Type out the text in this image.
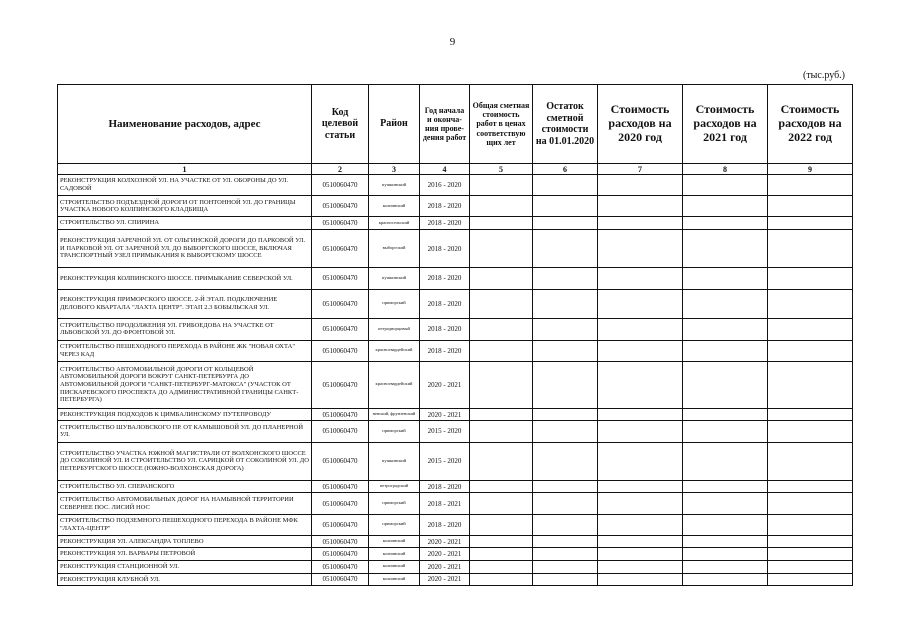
9
(тыс.руб.)
Наименование расходов, адрес	Код целевой статьи	Район	Год начала и оконча-ния прове-дения работ	Общая сметная стоимость работ в ценах соответствую щих лет	Остаток сметной стоимости на 01.01.2020	Стоимость расходов на 2020 год	Стоимость расходов на 2021 год	Стоимость расходов на 2022 год
1	2	3	4	5	6	7	8	9
РЕКОНСТРУКЦИЯ КОЛХОЗНОЙ УЛ. НА УЧАСТКЕ ОТ УЛ. ОБОРОНЫ ДО УЛ. САДОВОЙ	0510060470	пушкинский	2016 - 2020					
СТРОИТЕЛЬСТВО ПОДЪЕЗДНОЙ ДОРОГИ ОТ ПОНТОННОЙ УЛ. ДО ГРАНИЦЫ УЧАСТКА НОВОГО КОЛПИНСКОГО КЛАДБИЩА	0510060470	колпинский	2018 - 2020					
СТРОИТЕЛЬСТВО УЛ. СПИРИНА	0510060470	красносельский	2018 - 2020					
РЕКОНСТРУКЦИЯ ЗАРЕЧНОЙ УЛ. ОТ ОЛЬГИНСКОЙ ДОРОГИ ДО ПАРКОВОЙ УЛ. И ПАРКОВОЙ УЛ. ОТ ЗАРЕЧНОЙ УЛ. ДО ВЫБОРГСКОГО ШОССЕ, ВКЛЮЧАЯ ТРАНСПОРТНЫЙ УЗЕЛ ПРИМЫКАНИЯ К ВЫБОРГСКОМУ ШОССЕ	0510060470	выборгский	2018 - 2020					
РЕКОНСТРУКЦИЯ КОЛПИНСКОГО ШОССЕ. ПРИМЫКАНИЕ СЕВЕРСКОЙ УЛ.	0510060470	пушкинский	2018 - 2020					
РЕКОНСТРУКЦИЯ ПРИМОРСКОГО ШОССЕ. 2-Й ЭТАП. ПОДКЛЮЧЕНИЕ ДЕЛОВОГО КВАРТАЛА "ЛАХТА ЦЕНТР". ЭТАП 2.3 БОБЫЛЬСКАЯ УЛ.	0510060470	приморский	2018 - 2020					
СТРОИТЕЛЬСТВО ПРОДОЛЖЕНИЯ УЛ. ГРИБОЕДОВА НА УЧАСТКЕ ОТ ЛЬВОВСКОЙ УЛ. ДО ФРОНТОВОЙ УЛ.	0510060470	петродворцовый	2018 - 2020					
СТРОИТЕЛЬСТВО ПЕШЕХОДНОГО ПЕРЕХОДА В РАЙОНЕ ЖК "НОВАЯ ОХТА" ЧЕРЕЗ КАД	0510060470	красногвардейский	2018 - 2020					
СТРОИТЕЛЬСТВО АВТОМОБИЛЬНОЙ ДОРОГИ ОТ КОЛЬЦЕВОЙ АВТОМОБИЛЬНОЙ ДОРОГИ ВОКРУГ САНКТ-ПЕТЕРБУРГА ДО АВТОМОБИЛЬНОЙ ДОРОГИ "САНКТ-ПЕТЕРБУРГ-МАТОКСА" (УЧАСТОК ОТ ПИСКАРЕВСКОГО ПРОСПЕКТА ДО АДМИНИСТРАТИВНОЙ ГРАНИЦЫ САНКТ-ПЕТЕРБУРГА)	0510060470	красногвардейский	2020 - 2021					
РЕКОНСТРУКЦИЯ ПОДХОДОВ К ЦИМБАЛИНСКОМУ ПУТЕПРОВОДУ	0510060470	невский, фрунзенский	2020 - 2021					
СТРОИТЕЛЬСТВО ШУВАЛОВСКОГО ПР. ОТ КАМЫШОВОЙ УЛ. ДО ПЛАНЕРНОЙ УЛ.	0510060470	приморский	2015 - 2020					
СТРОИТЕЛЬСТВО УЧАСТКА ЮЖНОЙ МАГИСТРАЛИ ОТ ВОЛХОНСКОГО ШОССЕ ДО СОКОЛИНОЙ УЛ. И СТРОИТЕЛЬСТВО УЛ. САРИЦКОЙ ОТ СОКОЛИНОЙ УЛ. ДО ПЕТЕРБУРГСКОГО ШОССЕ (ЮЖНО-ВОЛХОНСКАЯ ДОРОГА)	0510060470	пушкинский	2015 - 2020					
СТРОИТЕЛЬСТВО УЛ. СПЕРАНСКОГО	0510060470	петроградский	2018 - 2020					
СТРОИТЕЛЬСТВО АВТОМОБИЛЬНЫХ ДОРОГ НА НАМЫВНОЙ ТЕРРИТОРИИ СЕВЕРНЕЕ ПОС. ЛИСИЙ НОС	0510060470	приморский	2018 - 2021					
СТРОИТЕЛЬСТВО ПОДЗЕМНОГО ПЕШЕХОДНОГО ПЕРЕХОДА В РАЙОНЕ МФК "ЛАХТА-ЦЕНТР"	0510060470	приморский	2018 - 2020					
РЕКОНСТРУКЦИЯ УЛ. АЛЕКСАНДРА ТОПЛЕВО	0510060470	колпинский	2020 - 2021					
РЕКОНСТРУКЦИЯ УЛ. ВАРВАРЫ ПЕТРОВОЙ	0510060470	колпинский	2020 - 2021					
РЕКОНСТРУКЦИЯ СТАНЦИОННОЙ УЛ.	0510060470	колпинский	2020 - 2021					
РЕКОНСТРУКЦИЯ КЛУБНОЙ УЛ.	0510060470	колпинский	2020 - 2021					
